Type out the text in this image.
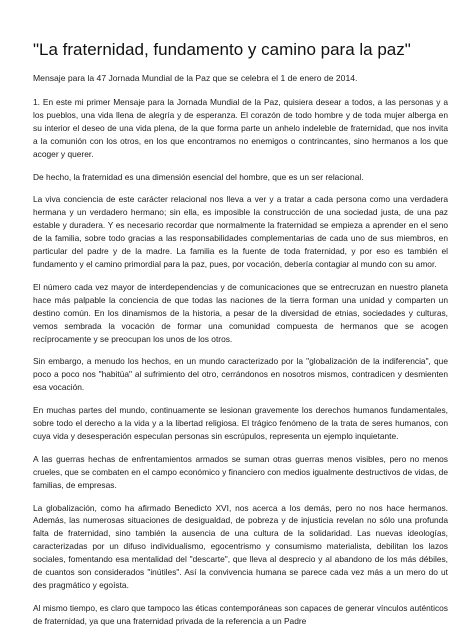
"La fraternidad, fundamento y camino para la paz"
Mensaje para la 47 Jornada Mundial de la Paz que se celebra el 1 de enero de 2014.

1. En este mi primer Mensaje para la Jornada Mundial de la Paz, quisiera desear a todos, a las personas y a los pueblos, una vida llena de alegría y de esperanza. El corazón de todo hombre y de toda mujer alberga en su interior el deseo de una vida plena, de la que forma parte un anhelo indeleble de fraternidad, que nos invita a la comunión con los otros, en los que encontramos no enemigos o contrincantes, sino hermanos a los que acoger y querer.

De hecho, la fraternidad es una dimensión esencial del hombre, que es un ser relacional.

La viva conciencia de este carácter relacional nos lleva a ver y a tratar a cada persona como una verdadera hermana y un verdadero hermano; sin ella, es imposible la construcción de una sociedad justa, de una paz estable y duradera. Y es necesario recordar que normalmente la fraternidad se empieza a aprender en el seno de la familia, sobre todo gracias a las responsabilidades complementarias de cada uno de sus miembros, en particular del padre y de la madre. La familia es la fuente de toda fraternidad, y por eso es también el fundamento y el camino primordial para la paz, pues, por vocación, debería contagiar al mundo con su amor.

El número cada vez mayor de interdependencias y de comunicaciones que se entrecruzan en nuestro planeta hace más palpable la conciencia de que todas las naciones de la tierra forman una unidad y comparten un destino común. En los dinamismos de la historia, a pesar de la diversidad de etnias, sociedades y culturas, vemos sembrada la vocación de formar una comunidad compuesta de hermanos que se acogen recíprocamente y se preocupan los unos de los otros.

Sin embargo, a menudo los hechos, en un mundo caracterizado por la "globalización de la indiferencia", que poco a poco nos "habitúa" al sufrimiento del otro, cerrándonos en nosotros mismos, contradicen y desmienten esa vocación.

En muchas partes del mundo, continuamente se lesionan gravemente los derechos humanos fundamentales, sobre todo el derecho a la vida y a la libertad religiosa. El trágico fenómeno de la trata de seres humanos, con cuya vida y desesperación especulan personas sin escrúpulos, representa un ejemplo inquietante.

A las guerras hechas de enfrentamientos armados se suman otras guerras menos visibles, pero no menos crueles, que se combaten en el campo económico y financiero con medios igualmente destructivos de vidas, de familias, de empresas.

La globalización, como ha afirmado Benedicto XVI, nos acerca a los demás, pero no nos hace hermanos. Además, las numerosas situaciones de desigualdad, de pobreza y de injusticia revelan no sólo una profunda falta de fraternidad, sino también la ausencia de una cultura de la solidaridad. Las nuevas ideologías, caracterizadas por un difuso individualismo, egocentrismo y consumismo materialista, debilitan los lazos sociales, fomentando esa mentalidad del "descarte", que lleva al desprecio y al abandono de los más débiles, de cuantos son considerados "inútiles". Así la convivencia humana se parece cada vez más a un mero do ut des pragmático y egoísta.

Al mismo tiempo, es claro que tampoco las éticas contemporáneas son capaces de generar vínculos auténticos de fraternidad, ya que una fraternidad privada de la referencia a un Padre
